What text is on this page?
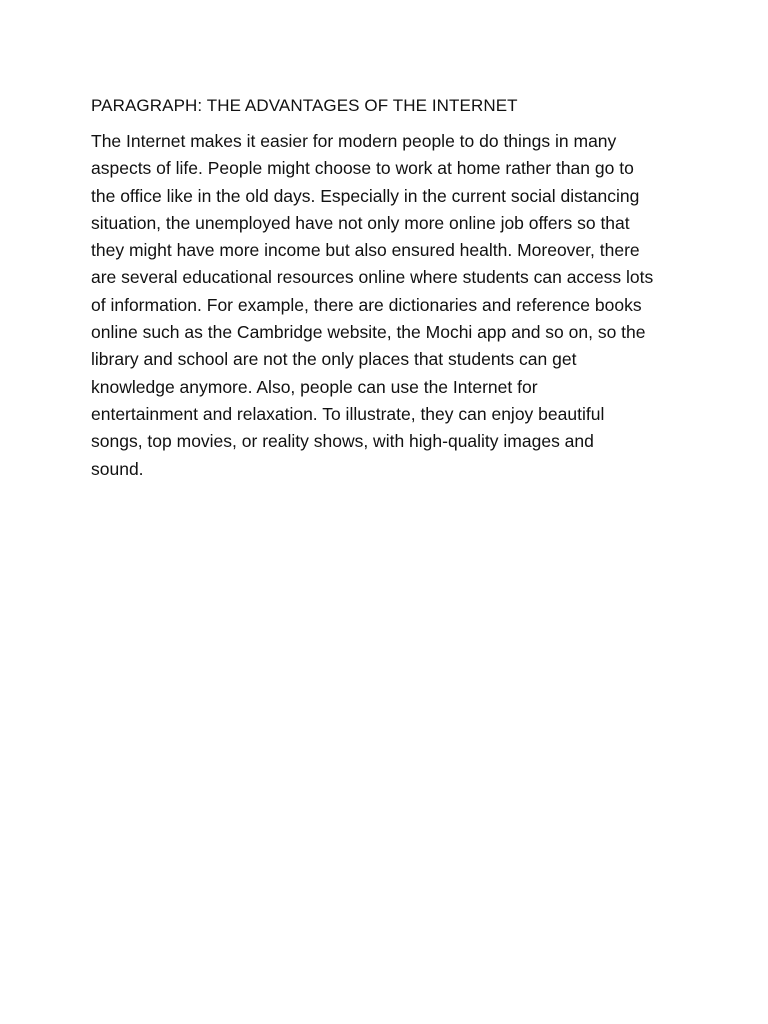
PARAGRAPH: THE ADVANTAGES OF THE INTERNET

The Internet makes it easier for modern people to do things in many
aspects of life. People might choose to work at home rather than go to
the office like in the old days. Especially in the current social distancing
situation, the unemployed have not only more online job offers so that
they might have more income but also ensured health. Moreover, there
are several educational resources online where students can access lots
of information. For example, there are dictionaries and reference books
online such as the Cambridge website, the Mochi app and so on, so the
library and school are not the only places that students can get
knowledge anymore. Also, people can use the Internet for
entertainment and relaxation. To illustrate, they can enjoy beautiful
songs, top movies, or reality shows, with high-quality images and
sound.
